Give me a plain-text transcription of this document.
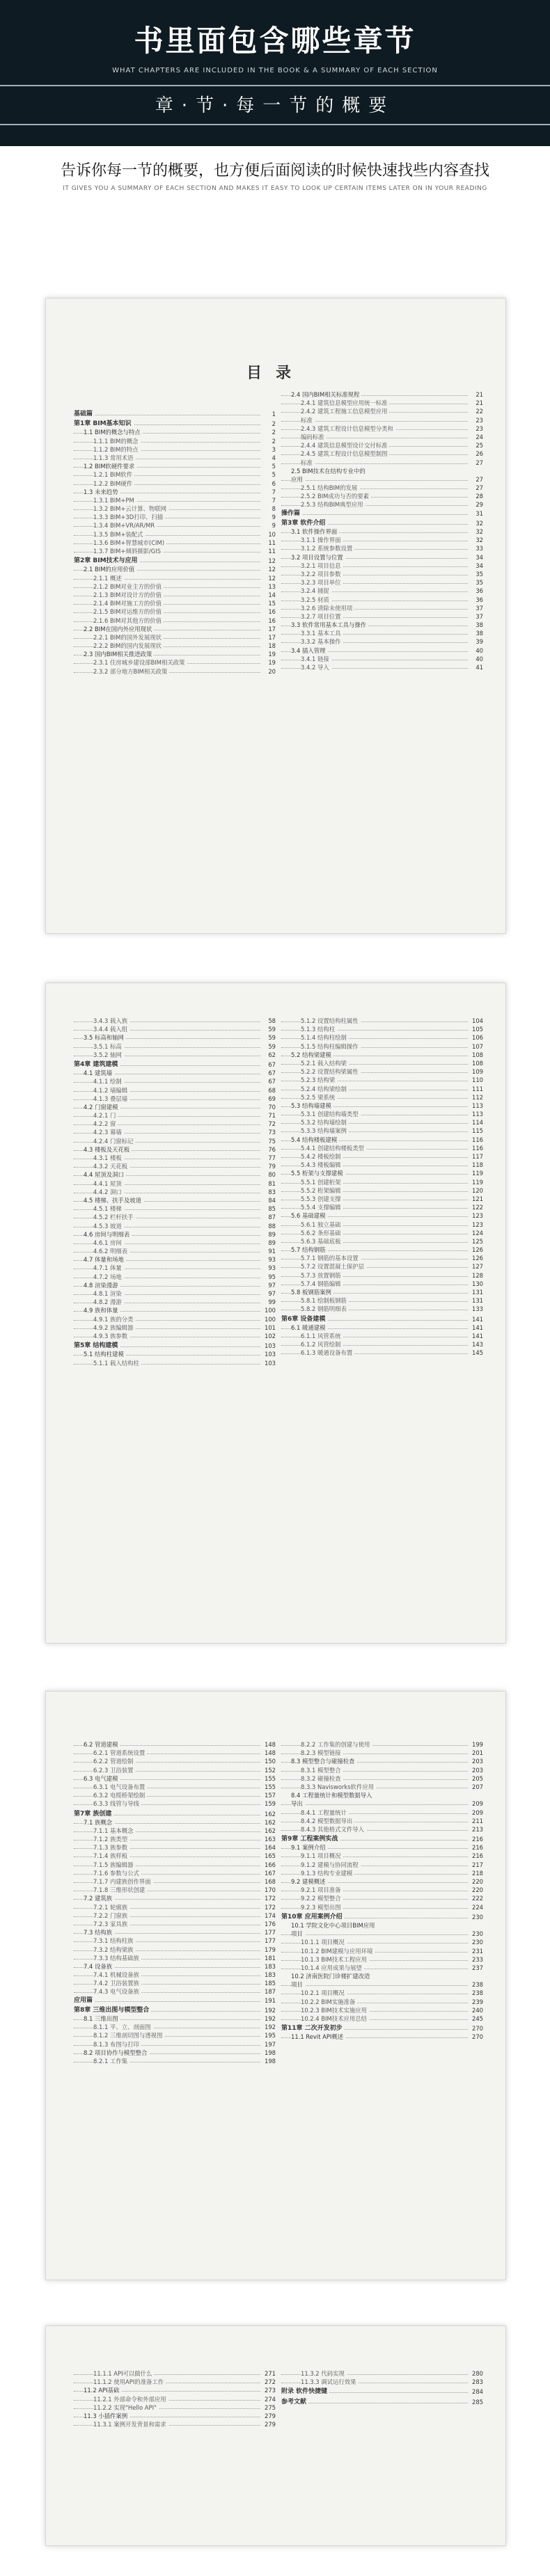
书里面包含哪些章节
WHAT CHAPTERS ARE INCLUDED IN THE BOOK & A SUMMARY OF EACH SECTION
章·节·每一节的概要
告诉你每一节的概要，也方便后面阅读的时候快速找些内容查找
IT GIVES YOU A SUMMARY OF EACH SECTION AND MAKES IT EASY TO LOOK UP CERTAIN ITEMS LATER ON IN YOUR READING
目录
基础篇	1
第1章 BIM基本知识	2
1.1 BIM的概念与特点	2
1.1.1 BIM的概念	2
1.1.2 BIM的特点	3
1.1.3 常用术语	4
1.2 BIM软硬件要求	5
1.2.1 BIM软件	5
1.2.2 BIM硬件	6
1.3 未来趋势	7
1.3.1 BIM+PM	7
1.3.2 BIM+云计算、物联网	8
1.3.3 BIM+3D打印、扫描	9
1.3.4 BIM+VR/AR/MR	9
1.3.5 BIM+装配式	10
1.3.6 BIM+智慧城市(CIM)	11
1.3.7 BIM+倾斜摄影/GIS	11
第2章 BIM技术与应用	12
2.1 BIM的应用价值	12
2.1.1 概述	12
2.1.2 BIM对业主方的价值	13
2.1.3 BIM对设计方的价值	14
2.1.4 BIM对施工方的价值	15
2.1.5 BIM对运维方的价值	16
2.1.6 BIM对其他方的价值	16
2.2 BIM在国内外应用现状	17
2.2.1 BIM的国外发展现状	17
2.2.2 BIM的国内发展现状	18
2.3 国内BIM相关推进政策	19
2.3.1 住房城乡建设部BIM相关政策	19
2.3.2 部分地方BIM相关政策	20
2.4 国内BIM相关标准规程	21
2.4.1 建筑信息模型应用统一标准	21
2.4.2 建筑工程施工信息模型应用	22
标准	23
2.4.3 建筑工程设计信息模型分类和	23
编码标准	24
2.4.4 建筑信息模型设计交付标准	25
2.4.5 建筑工程设计信息模型制图	26
标准	27
2.5 BIM技术在结构专业中的
应用	27
2.5.1 结构BIM的发展	27
2.5.2 BIM成功与否的要素	28
2.5.3 结构BIM典型应用	29
操作篇	31
第3章 软件介绍	32
3.1 软件操作界面	32
3.1.1 操作界面	32
3.1.2 系统参数设置	33
3.2 项目设置与位置	34
3.2.1 项目信息	34
3.2.2 项目参数	35
3.2.3 项目单位	35
3.2.4 捕捉	36
3.2.5 材质	36
3.2.6 清除未使用项	37
3.2.7 项目位置	37
3.3 软件常用基本工具与操作	38
3.3.1 基本工具	38
3.3.2 基本操作	39
3.4 插入管理	40
3.4.1 链接	40
3.4.2 导入	41
3.4.3 载入族	58
3.4.4 载入组	59
3.5 标高和轴网	59
3.5.1 标高	59
3.5.2 轴网	62
第4章 建筑建模	67
4.1 建筑墙	67
4.1.1 绘制	67
4.1.2 墙编辑	68
4.1.3 叠层墙	69
4.2 门窗建模	70
4.2.1 门	71
4.2.2 窗	72
4.2.3 幕墙	73
4.2.4 门窗标记	75
4.3 楼板及天花板	76
4.3.1 楼板	77
4.3.2 天花板	79
4.4 屋顶及洞口	80
4.4.1 屋顶	81
4.4.2 洞口	83
4.5 楼梯、扶手及坡道	84
4.5.1 楼梯	85
4.5.2 栏杆扶手	87
4.5.3 坡道	88
4.6 房间与明细表	89
4.6.1 房间	89
4.6.2 明细表	91
4.7 体量和场地	93
4.7.1 体量	93
4.7.2 场地	95
4.8 渲染漫游	97
4.8.1 渲染	97
4.8.2 漫游	99
4.9 族和体量	100
4.9.1 族的分类	100
4.9.2 族编辑器	101
4.9.3 族参数	102
第5章 结构建模	103
5.1 结构柱建模	103
5.1.1 载入结构柱	103
5.1.2 设置结构柱属性	104
5.1.3 结构柱	105
5.1.4 结构柱绘制	106
5.1.5 结构柱编辑操作	107
5.2 结构梁建模	108
5.2.1 载入结构梁	108
5.2.2 设置结构梁属性	109
5.2.3 结构梁	110
5.2.4 结构梁绘制	111
5.2.5 梁系统	112
5.3 结构墙建模	113
5.3.1 创建结构墙类型	113
5.3.2 结构墙绘制	114
5.3.3 结构墙案例	115
5.4 结构楼板建模	116
5.4.1 创建结构楼板类型	116
5.4.2 楼板绘制	117
5.4.3 楼板编辑	118
5.5 桁架与支撑建模	119
5.5.1 创建桁架	119
5.5.2 桁架编辑	120
5.5.3 创建支撑	121
5.5.4 支撑编辑	122
5.6 基础建模	123
5.6.1 独立基础	123
5.6.2 条形基础	124
5.6.3 基础底板	125
5.7 结构钢筋	126
5.7.1 钢筋的基本设置	126
5.7.2 设置混凝土保护层	127
5.7.3 放置钢筋	128
5.7.4 钢筋编辑	130
5.8 板钢筋案例	131
5.8.1 绘制板钢筋	131
5.8.2 钢筋明细表	133
第6章 设备建模	141
6.1 暖通建模	141
6.1.1 风管系统	141
6.1.2 风管绘制	143
6.1.3 暖通设备布置	145
6.2 管道建模	148
6.2.1 管道系统设置	148
6.2.2 管道绘制	150
6.2.3 卫浴装置	152
6.3 电气建模	155
6.3.1 电气设备布置	155
6.3.2 电缆桥架绘制	157
6.3.3 线管与导线	159
第7章 族创建	162
7.1 族概念	162
7.1.1 基本概念	162
7.1.2 族类型	163
7.1.3 族参数	164
7.1.4 族样板	165
7.1.5 族编辑器	166
7.1.6 参数与公式	167
7.1.7 内建族创作界面	168
7.1.8 三维形状创建	170
7.2 建筑族	172
7.2.1 轮廓族	172
7.2.2 门窗族	174
7.2.3 家具族	176
7.3 结构族	177
7.3.1 结构柱族	177
7.3.2 结构梁族	179
7.3.3 结构基础族	181
7.4 设备族	183
7.4.1 机械设备族	183
7.4.2 卫浴装置族	185
7.4.3 电气设备族	187
应用篇	191
第8章 三维出图与模型整合	192
8.1 三维出图	192
8.1.1 平、立、剖面图	192
8.1.2 三维剖切图与透视图	195
8.1.3 布图与打印	197
8.2 项目协作与模型整合	198
8.2.1 工作集	198
8.2.2 工作集的创建与使用	199
8.2.3 模型链接	201
8.3 模型整合与碰撞检查	203
8.3.1 模型整合	203
8.3.2 碰撞检查	205
8.3.3 Navisworks软件应用	207
8.4 工程量统计和模型数据导入
导出	209
8.4.1 工程量统计	209
8.4.2 模型数据导出	211
8.4.3 其他格式文件导入	213
第9章 工程案例实战	216
9.1 案例介绍	216
9.1.1 项目概况	216
9.1.2 建模与协同流程	217
9.1.3 结构专业建模	218
9.2 建模概述	220
9.2.1 项目准备	220
9.2.2 模型整合	222
9.2.3 模型出图	224
第10章 应用案例介绍	230
10.1 学院文化中心项目BIM应用
项目	230
10.1.1 项目概况	230
10.1.2 BIM建模与应用环境	231
10.1.3 BIM技术工程应用	233
10.1.4 应用成果与展望	237
10.2 济南医院门诊楼扩建改造
项目	238
10.2.1 项目概况	238
10.2.2 BIM实施准备	239
10.2.3 BIM技术实施应用	240
10.2.4 BIM技术应用总结	245
第11章 二次开发初步	270
11.1 Revit API概述	270
11.1.1 API可以做什么	271
11.1.2 使用API的准备工作	272
11.2 API基础	273
11.2.1 外部命令和外部应用	274
11.2.2 实现"Hello API"	275
11.3 小插件案例	279
11.3.1 案例开发背景和需求	279
11.3.2 代码实现	280
11.3.3 调试运行效果	283
附录 软件快捷键	284
参考文献	285
